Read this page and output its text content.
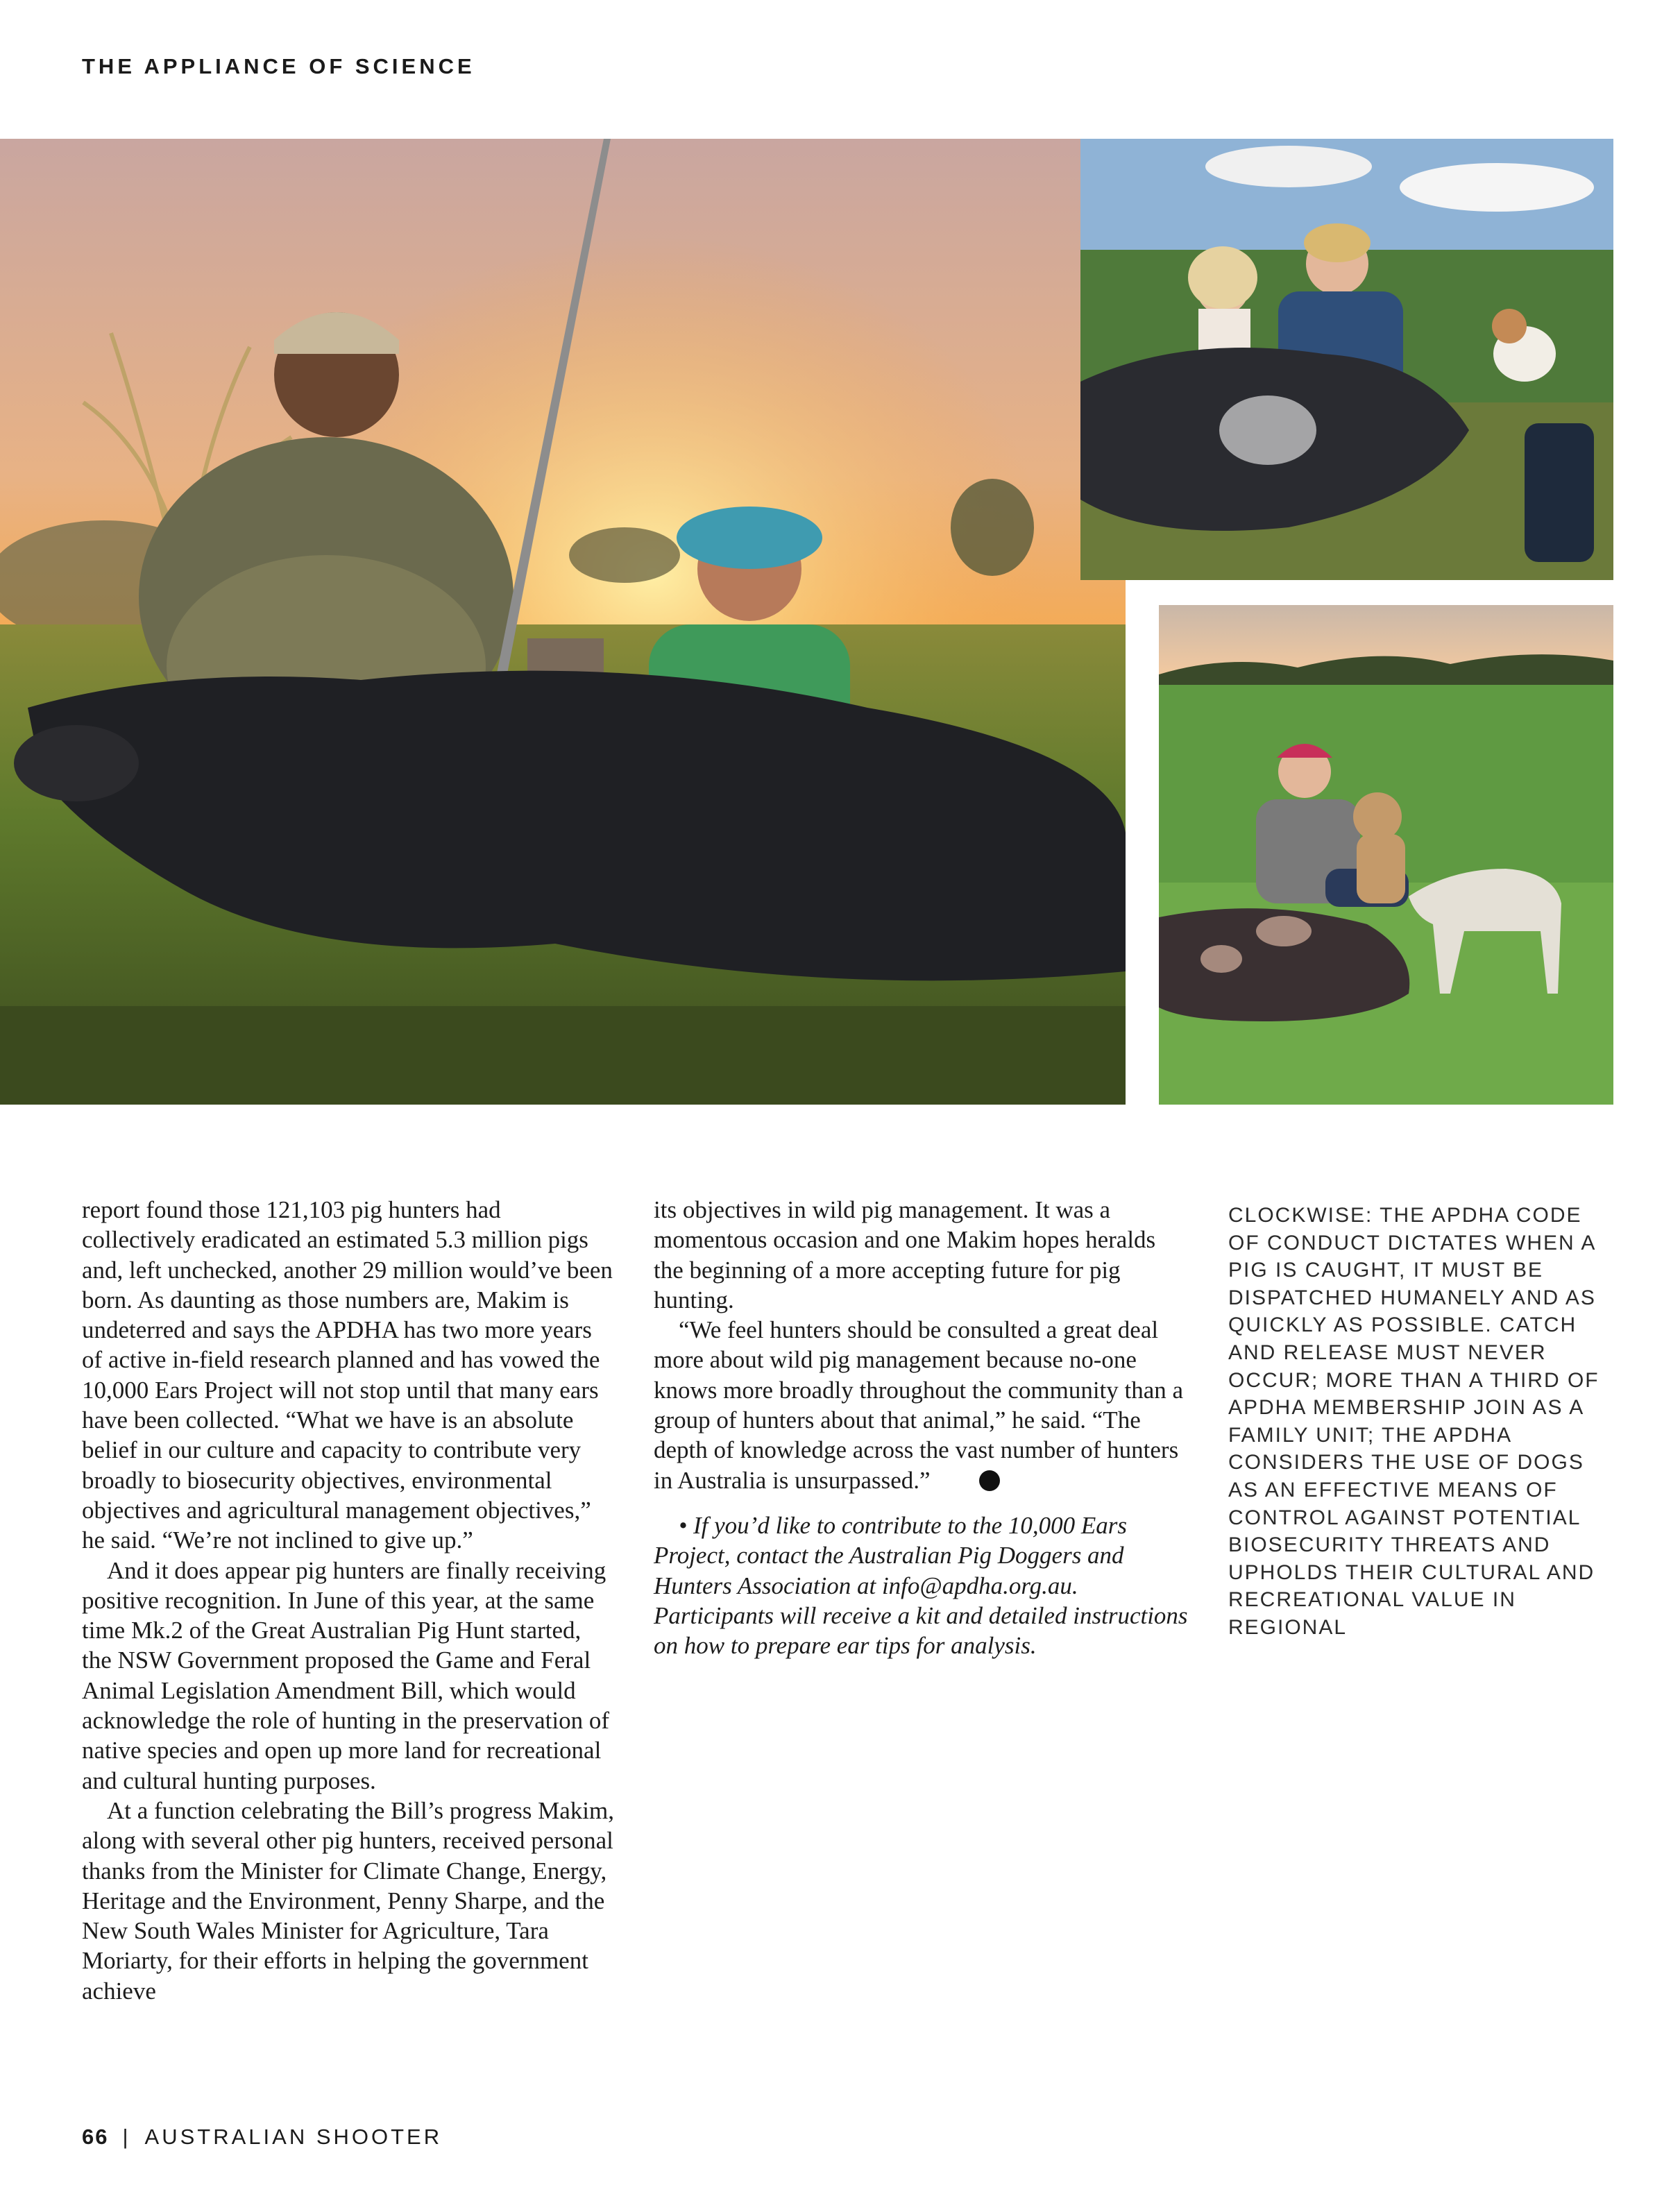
THE APPLIANCE OF SCIENCE

report found those 121,103 pig hunters had collectively eradicated an estimated 5.3 million pigs and, left unchecked, another 29 million would’ve been born. As daunting as those numbers are, Makim is undeterred and says the APDHA has two more years of active in-field research planned and has vowed the 10,000 Ears Project will not stop until that many ears have been collected. “What we have is an absolute belief in our culture and capacity to contribute very broadly to biosecurity objectives, environmental objectives and agricultural management objectives,” he said. “We’re not inclined to give up.”

And it does appear pig hunters are finally receiving positive recognition. In June of this year, at the same time Mk.2 of the Great Australian Pig Hunt started, the NSW Government proposed the Game and Feral Animal Legislation Amendment Bill, which would acknowledge the role of hunting in the preservation of native species and open up more land for recreational and cultural hunting purposes.

At a function celebrating the Bill’s progress Makim, along with several other pig hunters, received personal thanks from the Minister for Climate Change, Energy, Heritage and the Environment, Penny Sharpe, and the New South Wales Minister for Agriculture, Tara Moriarty, for their efforts in helping the government achieve

its objectives in wild pig management. It was a momentous occasion and one Makim hopes heralds the beginning of a more accepting future for pig hunting.

“We feel hunters should be consulted a great deal more about wild pig management because no-one knows more broadly throughout the community than a group of hunters about that animal,” he said. “The depth of knowledge across the vast number of hunters in Australia is unsurpassed.”

• If you’d like to contribute to the 10,000 Ears Project, contact the Australian Pig Doggers and Hunters Association at info@apdha.org.au. Participants will receive a kit and detailed instructions on how to prepare ear tips for analysis.

CLOCKWISE: THE APDHA CODE OF CONDUCT DICTATES WHEN A PIG IS CAUGHT, IT MUST BE DISPATCHED HUMANELY AND AS QUICKLY AS POSSIBLE. CATCH AND RELEASE MUST NEVER OCCUR; MORE THAN A THIRD OF APDHA MEMBERSHIP JOIN AS A FAMILY UNIT; THE APDHA CONSIDERS THE USE OF DOGS AS AN EFFECTIVE MEANS OF CONTROL AGAINST POTENTIAL BIOSECURITY THREATS AND UPHOLDS THEIR CULTURAL AND RECREATIONAL VALUE IN REGIONAL
66 | AUSTRALIAN SHOOTER
